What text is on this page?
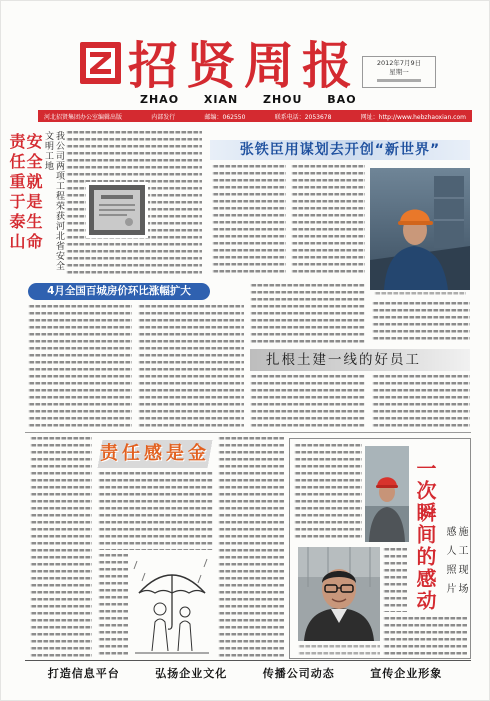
招贤周报
ZHAO XIAN ZHOU BAO
2012年7月9日
星期一
河北招贤集团办公室编辑出版	内部发行	邮编：062550	联系电话：2053678	网址：http://www.hebzhaoxian.com
安全就是生命
责任重于泰山	我公司两项工程荣获河北省安全文明工地	张铁臣用谋划去开创“新世界”
4月全国百城房价环比涨幅扩大
扎根土建一线的好员工
责任感是金
一次瞬间的感动	施工现场感人照片
打造信息平台	弘扬企业文化	传播公司动态	宣传企业形象
